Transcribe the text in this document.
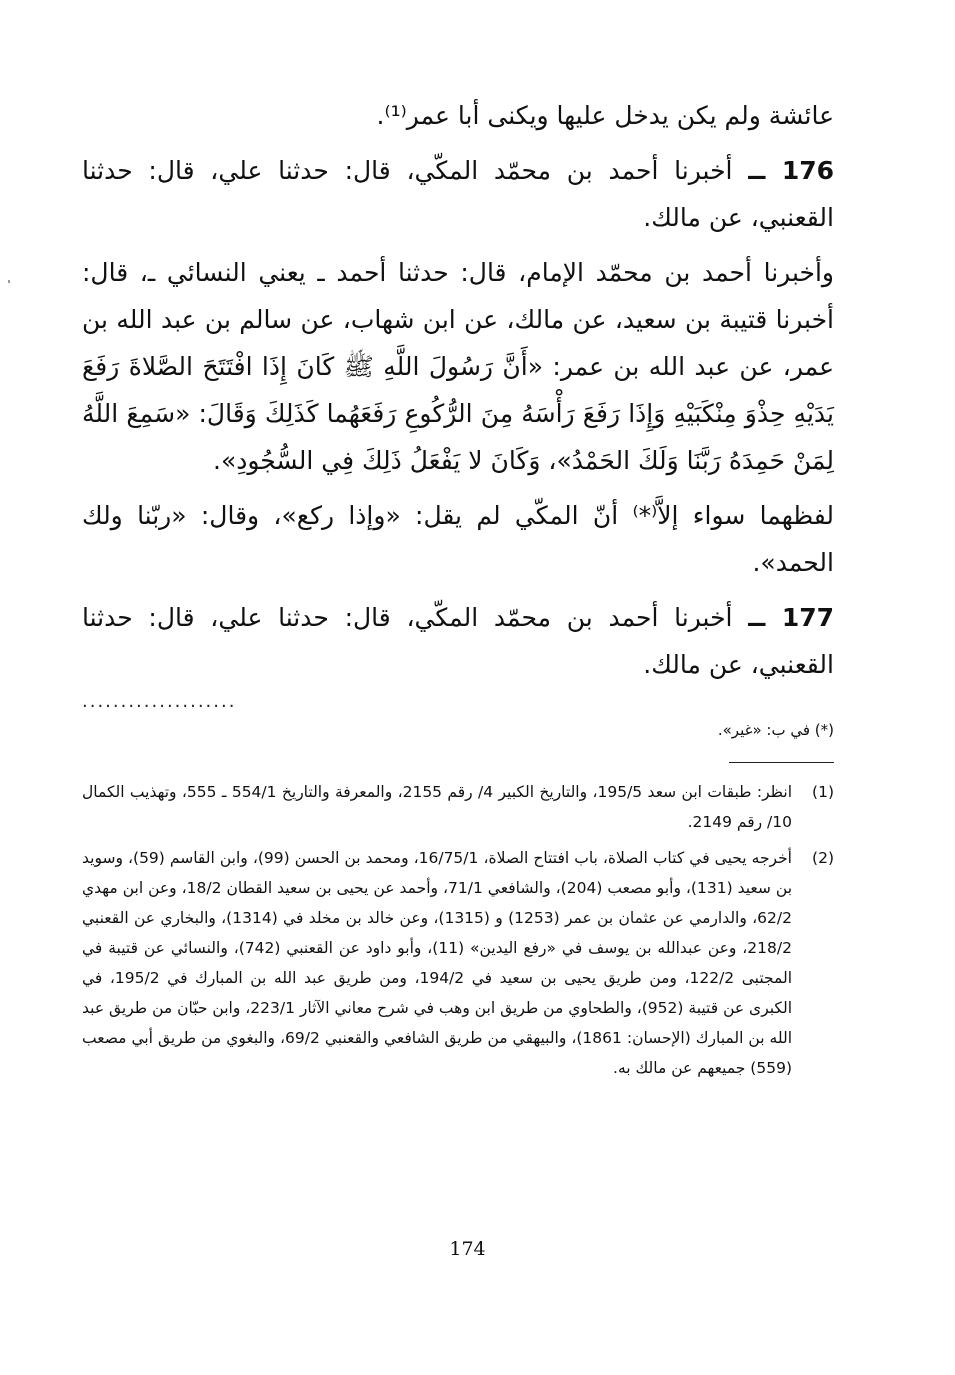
عائشة ولم يكن يدخل عليها ويكنى أبا عمر⁽¹⁾.

176 ــ أخبرنا أحمد بن محمّد المكّي، قال: حدثنا علي، قال: حدثنا القعنبي، عن مالك.

وأخبرنا أحمد بن محمّد الإمام، قال: حدثنا أحمد ـ يعني النسائي ـ، قال: أخبرنا قتيبة بن سعيد، عن مالك، عن ابن شهاب، عن سالم بن عبد الله بن عمر، عن عبد الله بن عمر: «أَنَّ رَسُولَ اللَّهِ ﷺ كَانَ إِذَا افْتَتَحَ الصَّلاةَ رَفَعَ يَدَيْهِ حِذْوَ مِنْكَبَيْهِ وَإِذَا رَفَعَ رَأْسَهُ مِنَ الرُّكُوعِ رَفَعَهُما كَذَلِكَ وَقَالَ: «سَمِعَ اللَّهُ لِمَنْ حَمِدَهُ رَبَّنَا وَلَكَ الحَمْدُ»، وَكَانَ لا يَفْعَلُ ذَلِكَ فِي السُّجُودِ».

لفظهما سواء إلاَّ⁽*⁾ أنّ المكّي لم يقل: «وإذا ركع»، وقال: «ربّنا ولك الحمد».

177 ــ أخبرنا أحمد بن محمّد المكّي، قال: حدثنا علي، قال: حدثنا القعنبي، عن مالك.

....................
(*) في ب: «غير».
(1)
انظر: طبقات ابن سعد 195/5، والتاريخ الكبير 4/ رقم 2155، والمعرفة والتاريخ 554/1 ـ 555، وتهذيب الكمال 10/ رقم 2149.
(2)
أخرجه يحيى في كتاب الصلاة، باب افتتاح الصلاة، 16/75/1، ومحمد بن الحسن (99)، وابن القاسم (59)، وسويد بن سعيد (131)، وأبو مصعب (204)، والشافعي 71/1، وأحمد عن يحيى بن سعيد القطان 18/2، وعن ابن مهدي 62/2، والدارمي عن عثمان بن عمر (1253) و (1315)، وعن خالد بن مخلد في (1314)، والبخاري عن القعنبي 218/2، وعن عبدالله بن يوسف في «رفع اليدين» (11)، وأبو داود عن القعنبي (742)، والنسائي عن قتيبة في المجتبى 122/2، ومن طريق يحيى بن سعيد في 194/2، ومن طريق عبد الله بن المبارك في 195/2، في الكبرى عن قتيبة (952)، والطحاوي من طريق ابن وهب في شرح معاني الآثار 223/1، وابن حبّان من طريق عبد الله بن المبارك (الإحسان: 1861)، والبيهقي من طريق الشافعي والقعنبي 69/2، والبغوي من طريق أبي مصعب (559) جميعهم عن مالك به.
174
